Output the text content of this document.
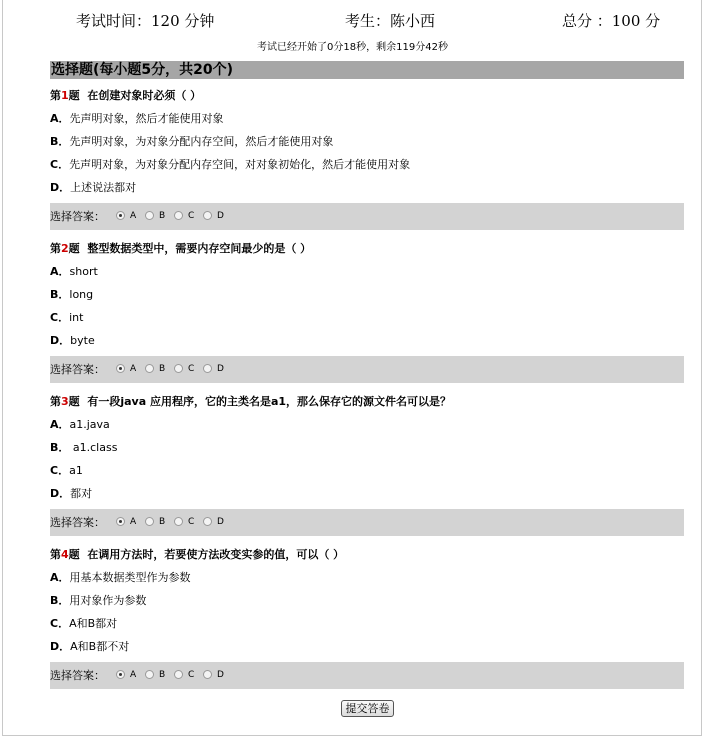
考试时间：120 分钟	考生：陈小西	总分 ：100 分
考试已经开始了0分18秒，剩余119分42秒
选择题(每小题5分，共20个)
第1题 在创建对象时必须（ ）
A．先声明对象，然后才能使用对象
B．先声明对象，为对象分配内存空间，然后才能使用对象
C．先声明对象，为对象分配内存空间，对对象初始化，然后才能使用对象
D．上述说法都对
选择答案：	A	B	C	D
第2题 整型数据类型中，需要内存空间最少的是（ ）
A．short
B．long
C．int
D．byte
选择答案：	A	B	C	D
第3题 有一段java 应用程序，它的主类名是a1，那么保存它的源文件名可以是？
A．a1.java
B． a1.class
C．a1
D．都对
选择答案：	A	B	C	D
第4题 在调用方法时，若要使方法改变实参的值，可以（ ）
A．用基本数据类型作为参数
B．用对象作为参数
C．A和B都对
D．A和B都不对
选择答案：	A	B	C	D
提交答卷
